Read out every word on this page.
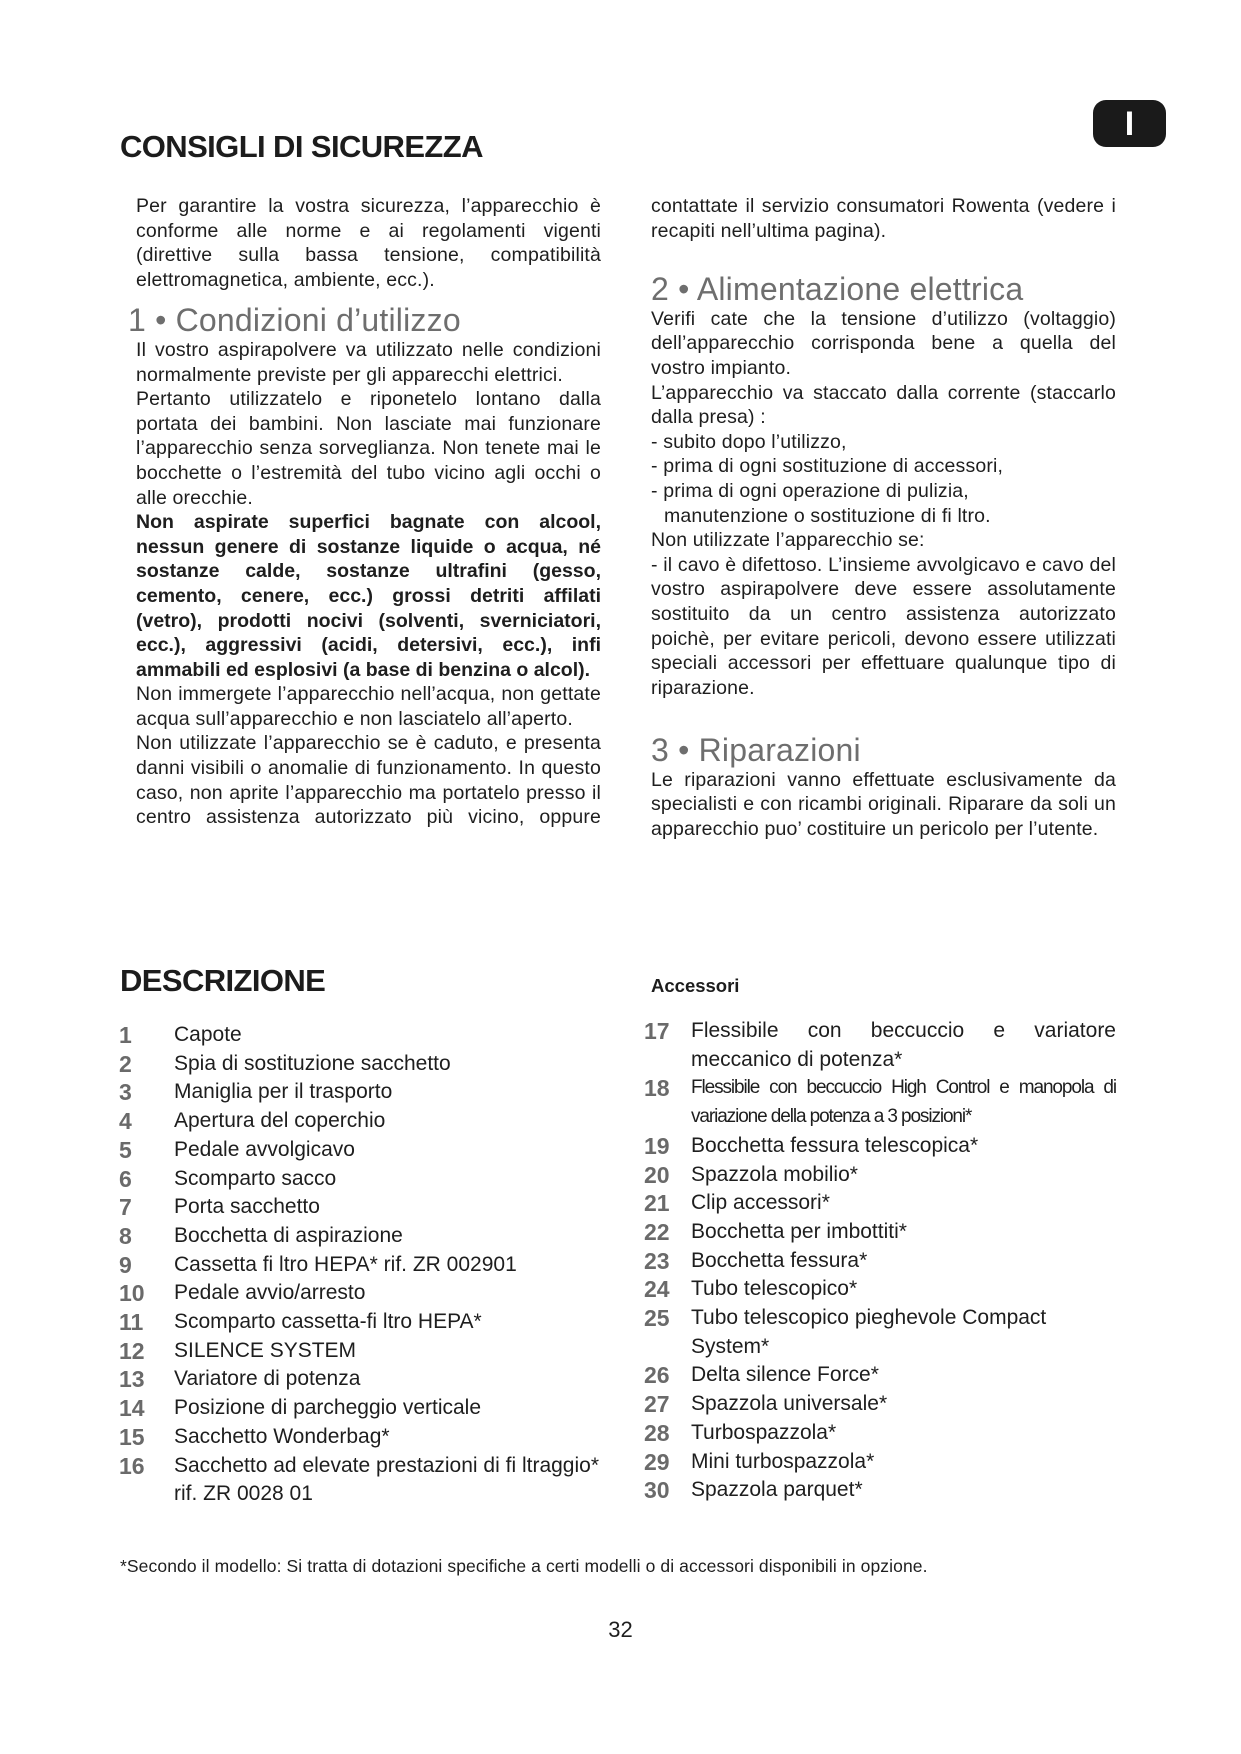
I
CONSIGLI DI SICUREZZA

Per garantire la vostra sicurezza, l’apparecchio è conforme alle norme e ai regolamenti vigenti (direttive sulla bassa tensione, compatibilità elettromagnetica, ambiente, ecc.).

1 • Condizioni d’utilizzo

Il vostro aspirapolvere va utilizzato nelle condizioni normalmente previste per gli apparecchi elettrici.

Pertanto utilizzatelo e riponetelo lontano dalla portata dei bambini. Non lasciate mai funzionare l’apparecchio senza sorveglianza. Non tenete mai le bocchette o l’estremità del tubo vicino agli occhi o alle orecchie.

Non aspirate superfici bagnate con alcool, nessun genere di sostanze liquide o acqua, né sostanze calde, sostanze ultrafini (gesso, cemento, cenere, ecc.) grossi detriti affilati (vetro), prodotti nocivi (solventi, sverniciatori, ecc.), aggressivi (acidi, detersivi, ecc.), infi ammabili ed esplosivi (a base di benzina o alcol).

Non immergete l’apparecchio nell’acqua, non gettate acqua sull’apparecchio e non lasciatelo all’aperto.

Non utilizzate l’apparecchio se è caduto, e presenta danni visibili o anomalie di funzionamento. In questo caso, non aprite l’apparecchio ma portatelo presso il centro assistenza autorizzato più vicino, oppure

contattate il servizio consumatori Rowenta (vedere i recapiti nell’ultima pagina).

2 • Alimentazione elettrica

Verifi cate che la tensione d’utilizzo (voltaggio) dell’apparecchio corrisponda bene a quella del vostro impianto.

L’apparecchio va staccato dalla corrente (staccarlo dalla presa) :

- subito dopo l’utilizzo,

- prima di ogni sostituzione di accessori,

- prima di ogni operazione di pulizia,

manutenzione o sostituzione di fi ltro.

Non utilizzate l’apparecchio se:

- il cavo è difettoso. L’insieme avvolgicavo e cavo del vostro aspirapolvere deve essere assolutamente sostituito da un centro assistenza autorizzato poichè, per evitare pericoli, devono essere utilizzati speciali accessori per effettuare qualunque tipo di riparazione.

3 • Riparazioni

Le riparazioni vanno effettuate esclusivamente da specialisti e con ricambi originali. Riparare da soli un apparecchio puo’ costituire un pericolo per l’utente.

DESCRIZIONE	Accessori

1	Capote
2	Spia di sostituzione sacchetto
3	Maniglia per il trasporto
4	Apertura del coperchio
5	Pedale avvolgicavo
6	Scomparto sacco
7	Porta sacchetto
8	Bocchetta di aspirazione
9	Cassetta fi ltro HEPA* rif. ZR 002901
10	Pedale avvio/arresto
11	Scomparto cassetta-fi ltro HEPA*
12	SILENCE SYSTEM
13	Variatore di potenza
14	Posizione di parcheggio verticale
15	Sacchetto Wonderbag*
16	Sacchetto ad elevate prestazioni di fi ltraggio* rif. ZR 0028 01
17	Flessibile con beccuccio e variatore meccanico di potenza*
18	Flessibile con beccuccio High Control e manopola di variazione della potenza a 3 posizioni*
19	Bocchetta fessura telescopica*
20	Spazzola mobilio*
21	Clip accessori*
22	Bocchetta per imbottiti*
23	Bocchetta fessura*
24	Tubo telescopico*
25	Tubo telescopico pieghevole Compact System*
26	Delta silence Force*
27	Spazzola universale*
28	Turbospazzola*
29	Mini turbospazzola*
30	Spazzola parquet*

*Secondo il modello: Si tratta di dotazioni specifiche a certi modelli o di accessori disponibili in opzione.

32
